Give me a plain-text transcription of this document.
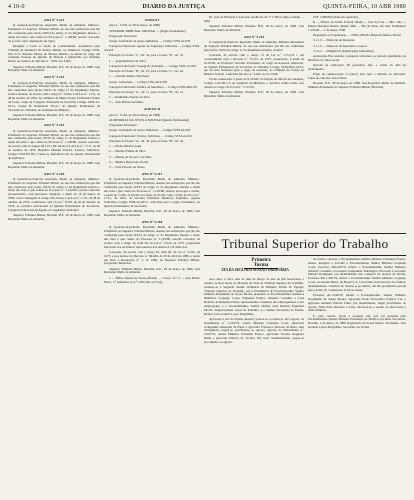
4 10-0	DIARIO DA JUSTIÇA	QUINTA-FEIRA, 10 ABR 1980
ATO Nº 5.213

O General-de-Exército Reynaldo Mello de Almeida, Ministro-Presidente do Superior Tribunal Militar, no uso das atribuições que lhe são conferidas pelo inciso XXVI do artigo 11 do Regimento Interno, e tendo em vista o que consta do Processo n.º 1.140/80, resolve conceder, de acordo com a legislação em vigor,

Designar e Cedir os Seção de Contabilidade, Assistência pelo Tribunal de Auditoria da Justiça Militar, no Vendaval, Código STM-JM-111.3, Jimenez Mattos de Moraes Ribeiro, ex-titular de cargo em comissão Pessoal do Quadro de Pessoal e transferido por Instituto Direto nos termos do Decreto n.º 1976, Lei 5.645.

Superior Tribunal Militar, Brasília, D.F., 26 de março de 1980. Gen Reynaldo Mello de Almeida.

ATO Nº 5.214

O General-de-Exército Reynaldo Mello de Almeida, Ministro-Presidente do Superior Tribunal Militar, no uso das atribuições que lhe são conferidas pelo inciso XXVI do artigo 11 do Regimento Interno, resolve nomear, de acordo com o artigo 9.º, inciso I, da Lei n.º 1.711, de 28 de outubro de 1952, Ivo Olimpio de Mello Souza, Esmeraldo Fontes da Costa, cargo da Categoria Funcional de Escrivão, Código STM-AJ-023.1, Classe B, Referência NS-21, do Quadro Permanente da Secretaria do Tribunal, no Gabinete do Ministro.

Superior Tribunal Militar, Brasília, D.F., 26 de março de 1980. Gen Reynaldo Mello de Almeida.

ATO Nº 5.215

O General-de-Exército Reynaldo Mello de Almeida, Ministro-Presidente do Superior Tribunal Militar, no uso das atribuições que lhe são conferidas pelo inciso XXVI do artigo 11 do Regimento Interno e tendo em vista o que consta do Processo n.º 1.204/80, resolve conceder, de acordo com os artigos 18 e 10 e 80, inciso VI, da Lei n.º 1.711, de 28 de outubro de 1952, Benedito Mendes Pereira, Técnico Judiciário, Código STM-NS-001, Classe A, Referência 40, do Quadro Permanente da Auditoria.

Superior Tribunal Militar, Brasília, D.F., 26 de março de 1980. Gen Reynaldo Mello de Almeida.

ATO Nº 5.216

O General-de-Exército Reynaldo Mello de Almeida, Ministro-Presidente do Superior Tribunal Militar, no uso das atribuições que lhe são conferidas pelo inciso XXVI do artigo 11 do Regimento Interno e tendo em vista o que consta do Processo n.º 1.212/80, resolve conceder aposentadoria, com proventos integrais, a partir de 10 de março de 1980, com a vantagem do artigo 184, inciso I, da Lei n.º 1.711, de 28 de outubro de 1952, combinado com a Lei n.º 6.703, de 26 de outubro de 1979, ao servidor pertencente ao Quadro Permanente da Secretaria, Categoria Funcional de Agente de Segurança Judiciária.

Superior Tribunal Militar, Brasília, D.F., 26 de março de 1980. Gen Reynaldo Mello de Almeida.

ANEXO I

(Ato n.º 5.218, de 28 de março de 1980)

SUPERIOR TRIBUNAL MILITAR — (Órgão Permanente)

Progressão Funcional

Grupo: Atividades de Apoio Judiciário — Código STM-AJ-020

Categoria Funcional: Agente de Segurança Judiciária — Código STM-AJ-025

Elevação da Classe "C", ref. 34, para a Classe "D", ref. 35.

1 — Joaquim Pedro da Silva

Categoria Funcional: Taquígrafo Judiciário — Código STM-AJ-024

Elevação da Classe "B", ref. 25, para a Classe "C", ref. 26.

1 — Osvaldo Mauro Sant'Anna

Grupo: Artesanato — Código STM-ART-700

Categoria Funcional: Artífice de Mecânica — Código STM-ART-701

Elevação da Classe "A", ref. 11, para a Classe "B", ref. 12.

1 — Raimundo Nonato da Silva

2 — João Batista Sobrinho

ANEXO II

(Ato n.º 5.218, de 28 de março de 1980)

AUDITORIAS DA JUSTIÇA MILITAR (Quadro Permanente)

Progressão Funcional

Grupo: Atividades de Apoio Judiciário — Código STM-AJ-020

Categoria Funcional: Técnico Judiciário — Código STM-AJ-021

Elevação da Classe "A", ref. 42, para a Classe "B", ref. 43.

1 — Eliane Ribeiro Leite

2 — Marina Fátima da Silva

3 — Marise do Socorro Carvalho

4 — Mônica Benevides Rocha

5 — Cléa Ferreira de Souza

ATO Nº 5.217

O General-de-Exército Reynaldo Mello de Almeida, Ministro-Presidente do Superior Tribunal Militar, usando das atribuições que lhe são conferidas pelo inciso XXVI do artigo 11 do Regimento Interno e tendo em vista o que consta do Processo n.º 1.218/80, resolve prorrogar a cessão, a partir de 7.5.80, ao Estado de Goiás, de acordo com o artigo 44 da Lei n.º 1.711, de 1952, do servidor Fernando Mauricio Fagundes, Agente Judiciário, Código STM-AJ-023.1, com ônus para o órgão cessionário, do Quadro Permanente da Secretaria.

Superior Tribunal Militar, Brasília, D.F., 28 de março de 1980. Gen Reynaldo Mello de Almeida.

ATO Nº 5.218

O General-de-Exército Reynaldo Mello de Almeida, Ministro-Presidente do Superior Tribunal Militar, usando das atribuições que lhe são conferidas pelo inciso XXVI do artigo 11 do Regimento Interno e tendo em vista o que consta do Processo n.º 1.219/80, resolve conceder, de acordo com o artigo 32, item III, da Lei n.º 6.225, de 1975, progressão funcional aos servidores relacionados nos Anexos I e II deste Ato.

Conceder, de acordo com o artigo 32, item III, da Lei n.º 6.225, de 1975, e nos termos do Decreto n.º 84.669, de 29 de abril de 1980, e tendo em vista a Resolução n.º 5, de 1980, do Superior Tribunal Militar, progressão funcional.

Superior Tribunal Militar, Brasília, D.F., 28 de março de 1980. Gen Reynaldo Mello de Almeida.

1 — Mário Nelson de Souza (Brasil) — Classe "A"; 2 — José Heitor Paiva, 1.ª Auditoria da 4.ª CJM (Juiz de Fora).

Dr. José de Holanda Cavalcanti, Auditoria da 3.ª CJM (Campo Grande — MS).

Superior Tribunal Militar, Brasília, D.F., 28 de março de 1980. Gen Reynaldo Mello de Almeida.

ATO Nº 5.219

O General-de-Exército Reynaldo Mello de Almeida, Ministro-Presidente do Superior Tribunal Militar, no uso das atribuições que lhe são conferidas pelo inciso XXVI do artigo 11 do Regimento Interno, resolve:

Conceder de acordo com o artigo 13 da Lei n.º 1.711/52 e em conformidade com o Decreto n.º 75.715, de 1975, exoneração, a partir de 01.03.80, ao Professor Oswaldo Fernandes, do cargo de Assessor Judiciário, do Quadro Permanente da Secretaria do Tribunal, Código STM-DAS-102.3, por ter sido nomeado para o cargo de Assessor, do Tribunal de Contas do Distrito Federal, conforme Decreto n.º 4.942, de 01.03.80.

Ficam exonerados a partir de 01.03.80, da função de Oficial de Gabinete, Código CAI-SR-1.3, do Gabinete do Ministro, o servidor acima citado, nos termos do artigo 76 da Lei n.º 1.711/52.

Superior Tribunal Militar, Brasília, D.F., 28 de março de 1980. Gen Reynaldo Mello de Almeida.

CPF 1.289.80 (tabela em separado)

II — Diretor da União Federal Tabela — Juiz de Fora — MG; Juiz — Mauro Marques Duarte, Mauro Mãe — Ble de Deus, em Juiz; Nauhomed 1.276.60 — 1 de março 1980

Deputação ao Fraudatório — 7294/1180.001 Diretoria Mauro Xavier

3.1.1.0 — Diretoria de Despesas

3.1.1.0 — Diretoria de Depósitos e Gastos

3.1.2.2 — Diligências (Publicações Judiciárias)

Aplicações Para atender a despesas referentes ao período pagamento do Diretório do Juízo Geral.

Período de Aplicação: 60 (sessenta) dias, a contar da data do recebimento.

Prazo de comprovação: 6 (cinco) dias após o término da aplicação. Lotes de cada Ato Geral Pasta.

Brasília, D.F., 28 de março de 1980. Gen Reynaldo Mello de Almeida, Ministro-Presidente do Superior Tribunal Militar (Brasília).

Tribunal Superior do Trabalho
Primeira Turma
ATA DA SEGUNDA SESSÃO ORDINÁRIA

Aos cinco e cinco dias do mês de março do ano de mil novecentos e oitenta, às nove horas, no Plenário da Sede do Tribunal Superior do Trabalho, realizou-se a Segunda Sessão Ordinária da Primeira Turma do Egrégio Tribunal Superior do Trabalho, sob a Presidência do Excelentíssimo Senhor Ministro Raymundo de Souza Moura, presentes os Excelentíssimos Senhores Ministros Coqueijo Costa, Fernando Franco, Orlando Coutinho e Luiz Roberto de Rezende Puech, representantes classistas dos empregadores e dos empregados, e o Excelentíssimo Senhor Doutor Luiz Rubens Fagundes Falcão, Subprocurador Geral do Trabalho, e o Senhor Secretário da Turma, Doutor José Geraldo Lopes Magalhães.

Aprovada a Ata da Sessão anterior, passou-se à ordem do dia: Agravo de Instrumento n.º 1.216/79, relator Ministro Coqueijo Costa, agravante Companhia Industrial de Papel e agravado Francisco Barbosa de Brito; sem divergência, negou-se provimento ao agravo. Agravo de Instrumento n.º 2.001/79, relator Ministro Fernando Franco, agravante Vicente Nogueira Diniz e agravado Fábrica de Tecidos São José; unanimemente, negou-se provimento ao agravo.

de revista, vencido o Excelentíssimo Senhor Ministro Fernando Franco, relator. Redigirá o acórdão o Excelentíssimo Senhor Ministro Coqueijo Costa. Processo RR-239/79, relator o Excelentíssimo Senhor Ministro Orlando Coutinho, recorrente Companhia Siderúrgica Nacional e recorrido Manoel Rodrigues; por unanimidade, não conhecer do recurso de revista. Processo RR-1.006/79, relator o Excelentíssimo Senhor Ministro Coqueijo Costa, recorrente Banco do Brasil S.A. e recorrido José Ferreira dos Santos; unanimemente, conhecer do recurso e, no mérito, dar-lhe provimento parcial para excluir da condenação as horas extras.

Processo AI-1.944/79, relator o Excelentíssimo Senhor Ministro Raymundo de Souza Moura, agravante Rede Ferroviária Federal S.A. e agravado Antônio Pereira Lima; por unanimidade, negar provimento ao agravo. Nada mais havendo a tratar, encerrou-se a sessão às onze horas e trinta minutos.

E, para constar, lavrei a presente Ata, que vai assinada pelo Excelentíssimo Senhor Ministro Presidente da Turma e por mim, Secretário. Brasília, 5 de março de 1980. Raymundo de Souza Moura, Presidente. José Geraldo Lopes Magalhães, Secretário da Turma.
